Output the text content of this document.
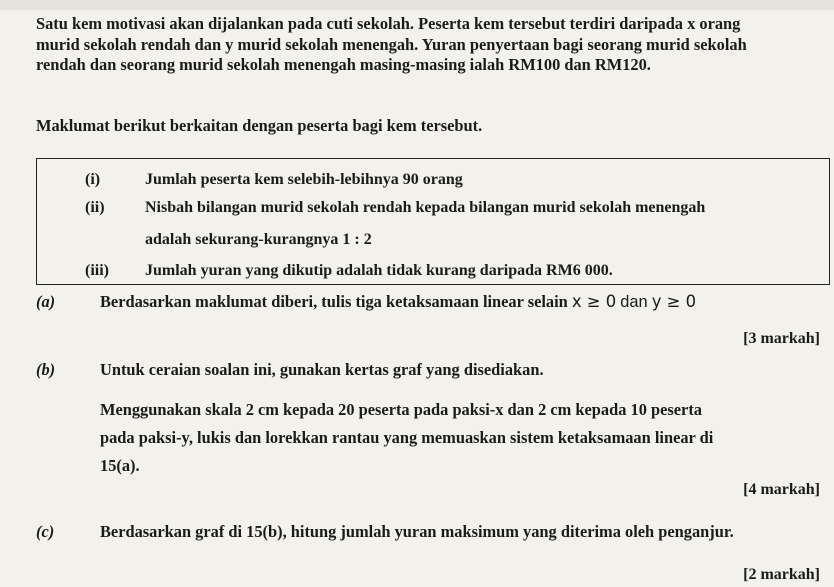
Satu kem motivasi akan dijalankan pada cuti sekolah. Peserta kem tersebut terdiri daripada x orang
murid sekolah rendah dan y murid sekolah menengah. Yuran penyertaan bagi seorang murid sekolah
rendah dan seorang murid sekolah menengah masing-masing ialah RM100 dan RM120.
Maklumat berikut berkaitan dengan peserta bagi kem tersebut.
(i)	Jumlah peserta kem selebih-lebihnya 90 orang
(ii)	Nisbah bilangan murid sekolah rendah kepada bilangan murid sekolah menengah
adalah sekurang-kurangnya 1 : 2
(iii) Jumlah yuran yang dikutip adalah tidak kurang daripada RM6 000.
(a)	Berdasarkan maklumat diberi, tulis tiga ketaksamaan linear selain x ≥ 0 dan y ≥ 0
[3 markah]
(b)	Untuk ceraian soalan ini, gunakan kertas graf yang disediakan.
Menggunakan skala 2 cm kepada 20 peserta pada paksi-x dan 2 cm kepada 10 peserta
pada paksi-y, lukis dan lorekkan rantau yang memuaskan sistem ketaksamaan linear di
15(a).
[4 markah]
(c)	Berdasarkan graf di 15(b), hitung jumlah yuran maksimum yang diterima oleh penganjur.
[2 markah]
